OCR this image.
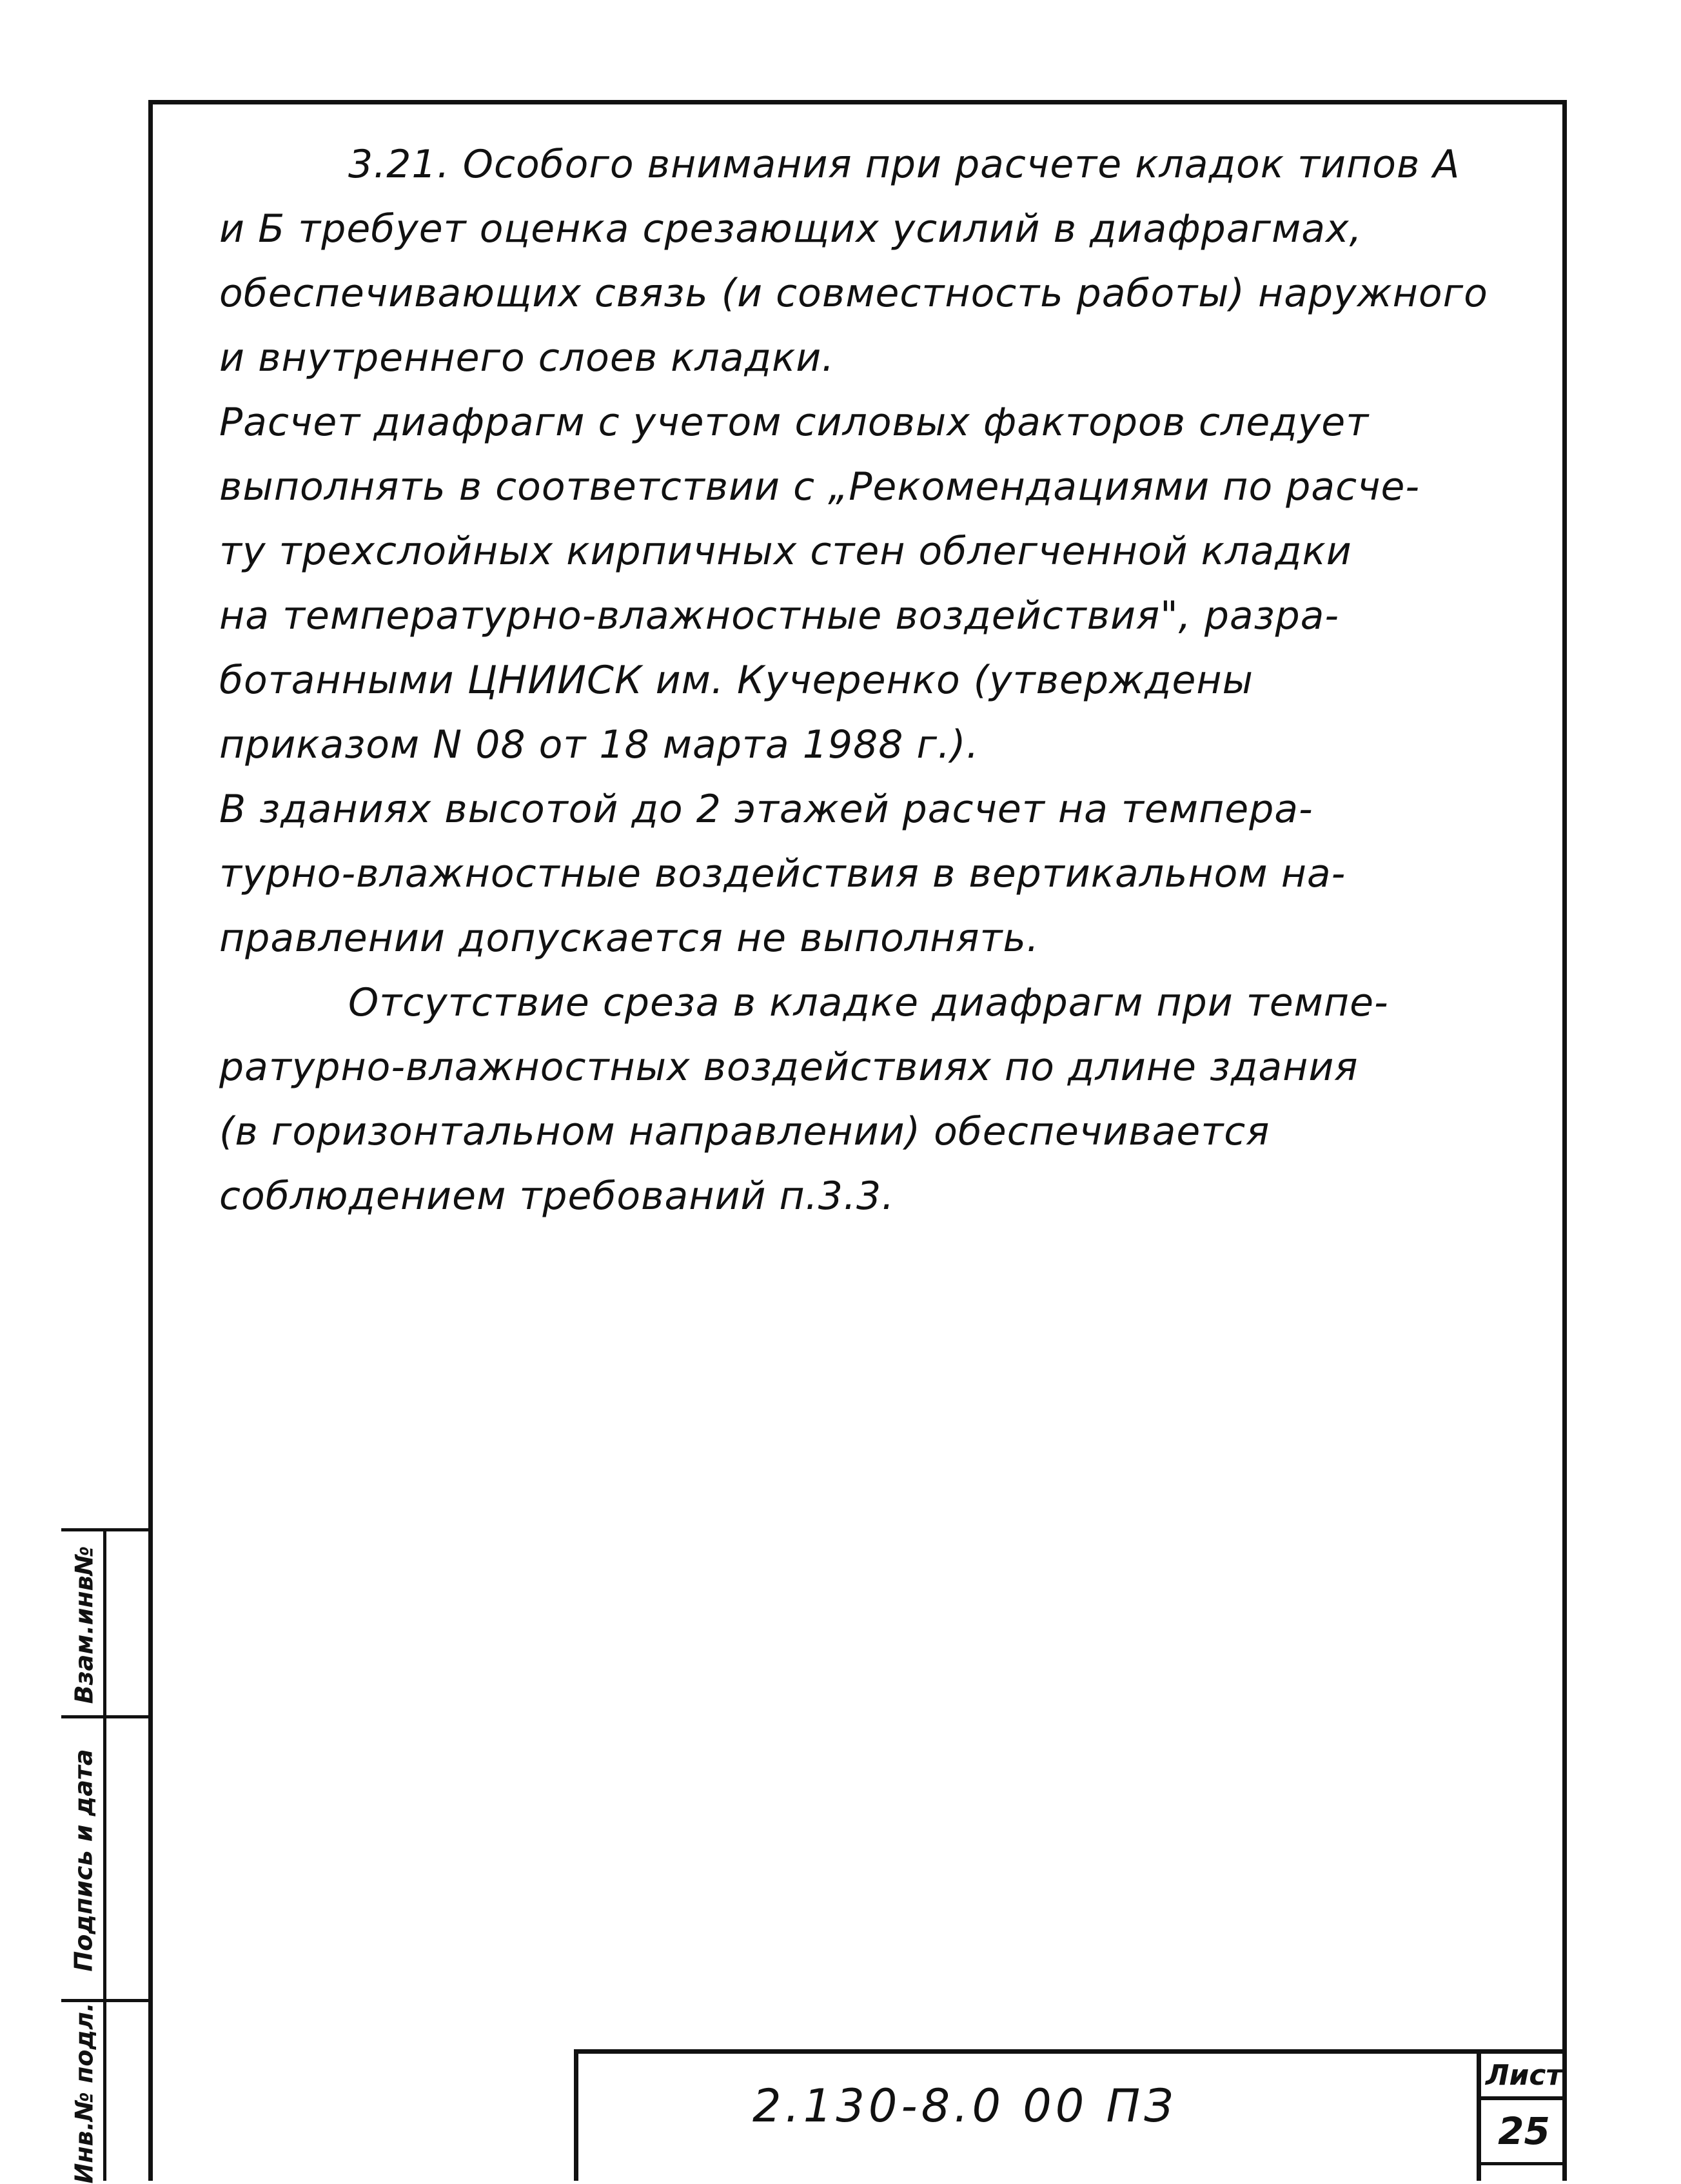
3.21. Особого внимания при расчете кладок типов А
и Б требует оценка срезающих усилий в диафрагмах,
обеспечивающих связь (и совместность работы) наружного
и внутреннего слоев кладки.
Расчет диафрагм с учетом силовых факторов следует
выполнять в соответствии с „Рекомендациями по расче-
ту трехслойных кирпичных стен облегченной кладки
на температурно-влажностные воздействия", разра-
ботанными ЦНИИСК им. Кучеренко (утверждены
приказом N 08 от 18 марта 1988 г.).
В зданиях высотой до 2 этажей расчет на темпера-
турно-влажностные воздействия в вертикальном на-
правлении допускается не выполнять.
Отсутствие среза в кладке диафрагм при темпе-
ратурно-влажностных воздействиях по длине здания
(в горизонтальном направлении) обеспечивается
соблюдением требований п.3.3.
Взам.инв№
Подпись и дата
Инв.№ подл.	2.130-8.0 00 ПЗ
Лист
25
